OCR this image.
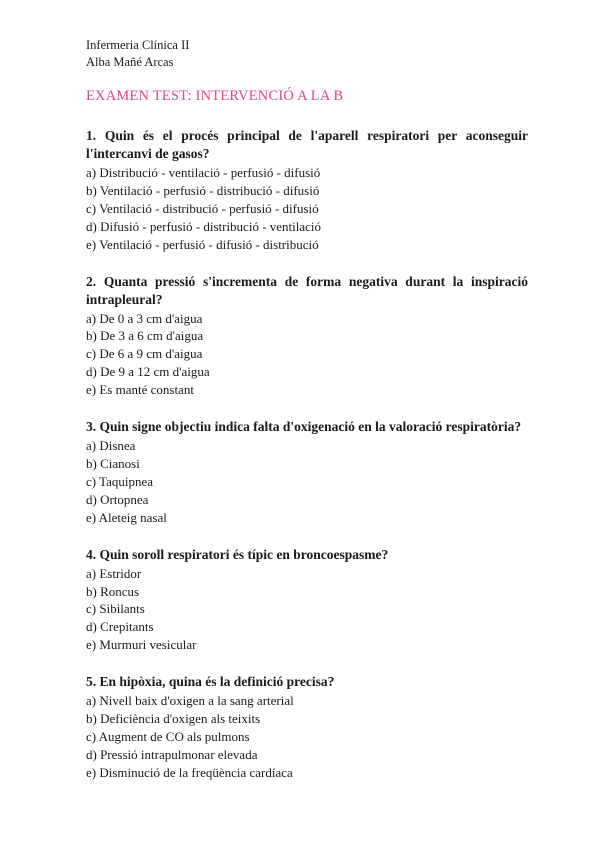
Infermeria Clínica II
Alba Mañé Arcas
EXAMEN TEST: INTERVENCIÓ A LA B
1. Quin és el procés principal de l'aparell respiratori per aconseguir l'intercanvi de gasos?
a) Distribució - ventilació - perfusió - difusió
b) Ventilació - perfusió - distribució - difusió
c) Ventilació - distribució - perfusió - difusió
d) Difusió - perfusió - distribució - ventilació
e) Ventilació - perfusió - difusió - distribució
2. Quanta pressió s'incrementa de forma negativa durant la inspiració intrapleural?
a) De 0 a 3 cm d'aigua
b) De 3 a 6 cm d'aigua
c) De 6 a 9 cm d'aigua
d) De 9 a 12 cm d'aigua
e) Es manté constant
3. Quin signe objectiu indica falta d'oxigenació en la valoració respiratòria?
a) Disnea
b) Cianosi
c) Taquipnea
d) Ortopnea
e) Aleteig nasal
4. Quin soroll respiratori és típic en broncoespasme?
a) Estridor
b) Roncus
c) Sibilants
d) Crepitants
e) Murmuri vesicular
5. En hipòxia, quina és la definició precisa?
a) Nivell baix d'oxigen a la sang arterial
b) Deficiència d'oxigen als teixits
c) Augment de CO als pulmons
d) Pressió intrapulmonar elevada
e) Disminució de la freqüència cardíaca
